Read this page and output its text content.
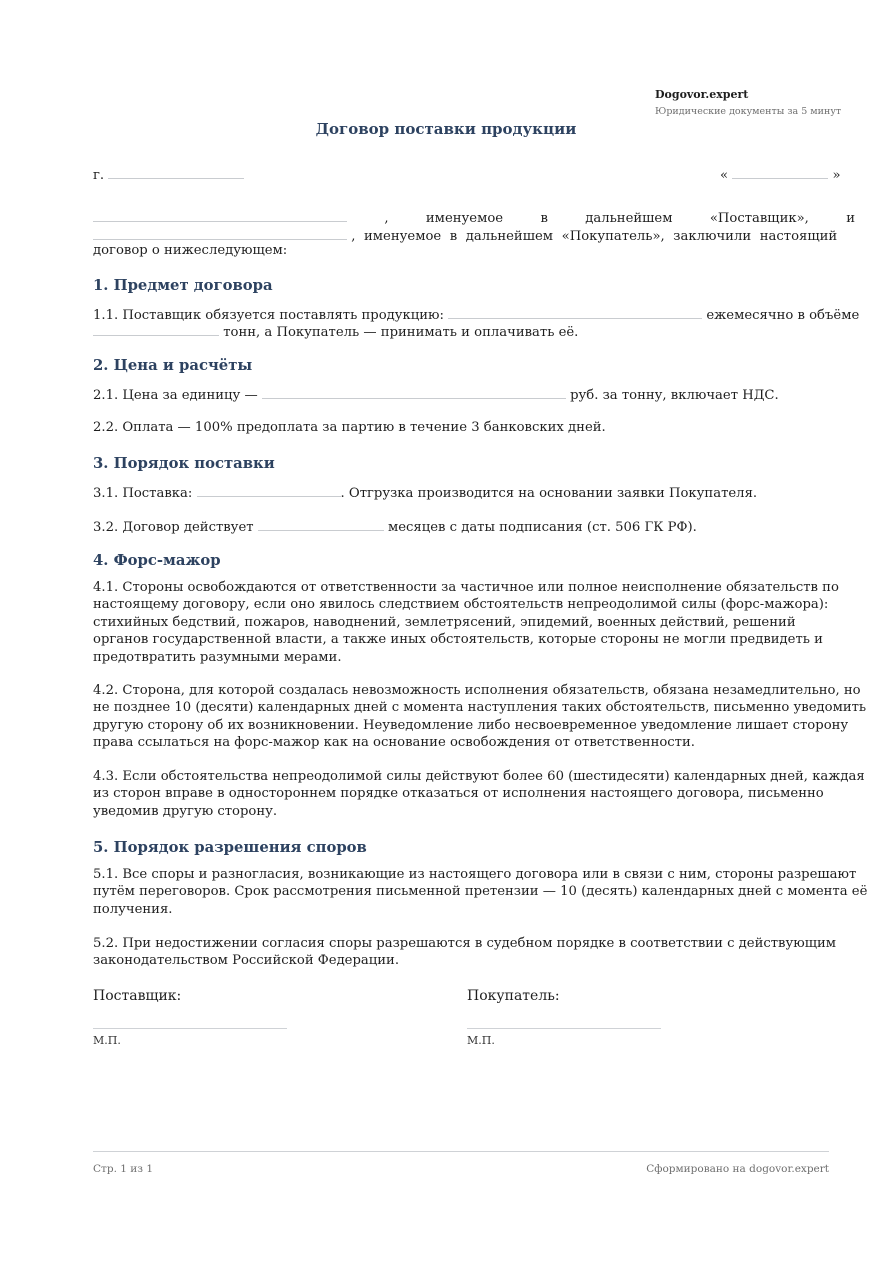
Dogovor.expert
Юридические документы за 5 минут
Договор поставки продукции
г.	«	»
,	именуемое	в	дальнейшем	«Поставщик»,	и
, именуемое в дальнейшем «Покупатель», заключили настоящий
договор о нижеследующем:
1. Предмет договора
1.1. Поставщик обязуется поставлять продукцию:	ежемесячно в объёме
тонн, а Покупатель — принимать и оплачивать её.
2. Цена и расчёты
2.1. Цена за единицу —	руб. за тонну, включает НДС.
2.2. Оплата — 100% предоплата за партию в течение 3 банковских дней.
3. Порядок поставки
3.1. Поставка:	. Отгрузка производится на основании заявки Покупателя.
3.2. Договор действует	месяцев с даты подписания (ст. 506 ГК РФ).
4. Форс-мажор
4.1. Стороны освобождаются от ответственности за частичное или полное неисполнение обязательств по
настоящему договору, если оно явилось следствием обстоятельств непреодолимой силы (форс-мажора):
стихийных бедствий, пожаров, наводнений, землетрясений, эпидемий, военных действий, решений
органов государственной власти, а также иных обстоятельств, которые стороны не могли предвидеть и
предотвратить разумными мерами.
4.2. Сторона, для которой создалась невозможность исполнения обязательств, обязана незамедлительно, но
не позднее 10 (десяти) календарных дней с момента наступления таких обстоятельств, письменно уведомить
другую сторону об их возникновении. Неуведомление либо несвоевременное уведомление лишает сторону
права ссылаться на форс-мажор как на основание освобождения от ответственности.
4.3. Если обстоятельства непреодолимой силы действуют более 60 (шестидесяти) календарных дней, каждая
из сторон вправе в одностороннем порядке отказаться от исполнения настоящего договора, письменно
уведомив другую сторону.
5. Порядок разрешения споров
5.1. Все споры и разногласия, возникающие из настоящего договора или в связи с ним, стороны разрешают
путём переговоров. Срок рассмотрения письменной претензии — 10 (десять) календарных дней с момента её
получения.
5.2. При недостижении согласия споры разрешаются в судебном порядке в соответствии с действующим
законодательством Российской Федерации.
Поставщик:	Покупатель:
М.П.	М.П.
Стр. 1 из 1	Сформировано на dogovor.expert
